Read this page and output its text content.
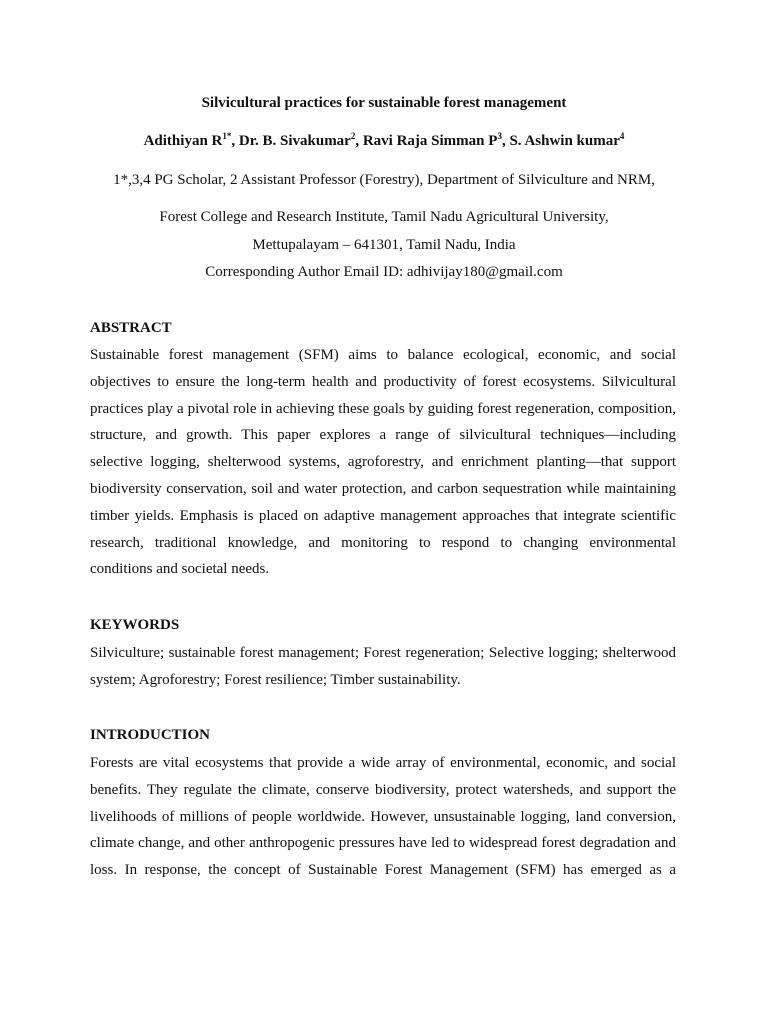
Silvicultural practices for sustainable forest management
Adithiyan $R^{1*}$, Dr. B. Sivakumar$^2$, Ravi Raja Simman $P^3$, S. Ashwin kumar$^4$
1*,3,4 PG Scholar, 2 Assistant Professor (Forestry), Department of Silviculture and NRM,
Forest College and Research Institute, Tamil Nadu Agricultural University,
Mettupalayam – 641301, Tamil Nadu, India
Corresponding Author Email ID: adhivijay180@gmail.com
ABSTRACT
Sustainable forest management (SFM) aims to balance ecological, economic, and social
objectives to ensure the long-term health and productivity of forest ecosystems. Silvicultural
practices play a pivotal role in achieving these goals by guiding forest regeneration, composition,
structure, and growth. This paper explores a range of silvicultural techniques—including
selective logging, shelterwood systems, agroforestry, and enrichment planting—that support
biodiversity conservation, soil and water protection, and carbon sequestration while maintaining
timber yields. Emphasis is placed on adaptive management approaches that integrate scientific
research, traditional knowledge, and monitoring to respond to changing environmental
conditions and societal needs.
KEYWORDS
Silviculture; sustainable forest management; Forest regeneration; Selective logging; shelterwood
system; Agroforestry; Forest resilience; Timber sustainability.
INTRODUCTION
Forests are vital ecosystems that provide a wide array of environmental, economic, and social
benefits. They regulate the climate, conserve biodiversity, protect watersheds, and support the
livelihoods of millions of people worldwide. However, unsustainable logging, land conversion,
climate change, and other anthropogenic pressures have led to widespread forest degradation and
loss. In response, the concept of Sustainable Forest Management (SFM) has emerged as a
